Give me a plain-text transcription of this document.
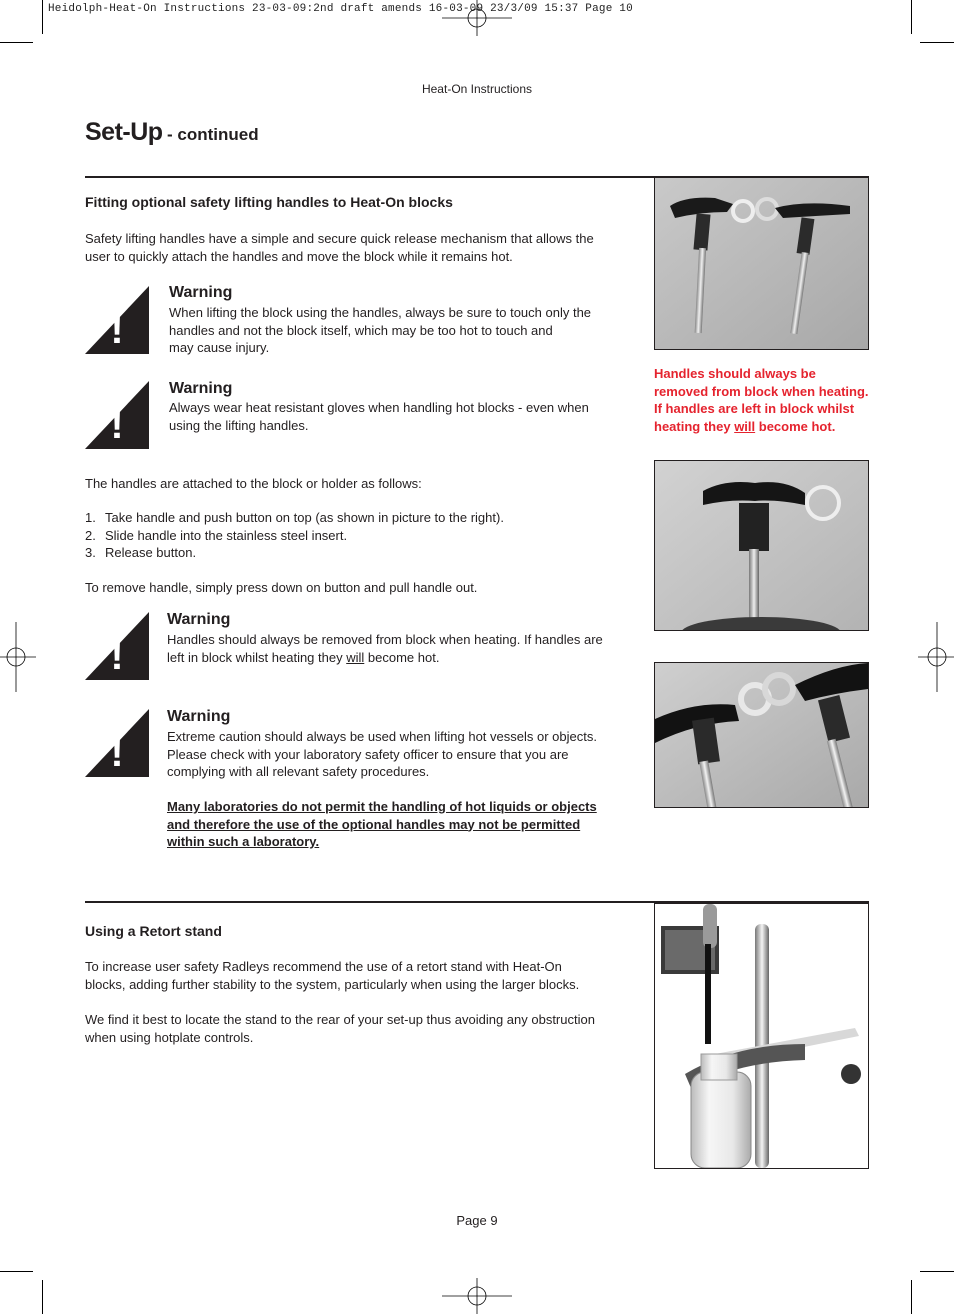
Heidolph-Heat-On Instructions 23-03-09:2nd draft amends 16-03-09 23/3/09 15:37 Page 10
Heat-On Instructions
Set-Up - continued
Fitting optional safety lifting handles to Heat-On blocks
Safety lifting handles have a simple and secure quick release mechanism that allows the user to quickly attach the handles and move the block while it remains hot.
!
Warning
When lifting the block using the handles, always be sure to touch only the
handles and not the block itself, which may be too hot to touch and
may cause injury.
!
Warning
Always wear heat resistant gloves when handling hot blocks - even when
using the lifting handles.
The handles are attached to the block or holder as follows:
1. Take handle and push button on top (as shown in picture to the right).
2. Slide handle into the stainless steel insert.
3. Release button.
To remove handle, simply press down on button and pull handle out.
!
Warning
Handles should always be removed from block when heating. If handles are
left in block whilst heating they will become hot.
!
Warning
Extreme caution should always be used when lifting hot vessels or objects.
Please check with your laboratory safety officer to ensure that you are
complying with all relevant safety procedures.
Many laboratories do not permit the handling of hot liquids or objects
and therefore the use of the optional handles may not be permitted
within such a laboratory.
Handles should always be
removed from block when heating.
If handles are left in block whilst
heating they will become hot.
Using a Retort stand
To increase user safety Radleys recommend the use of a retort stand with Heat-On blocks, adding further stability to the system, particularly when using the larger blocks.
We find it best to locate the stand to the rear of your set-up thus avoiding any obstruction when using hotplate controls.
Page 9
